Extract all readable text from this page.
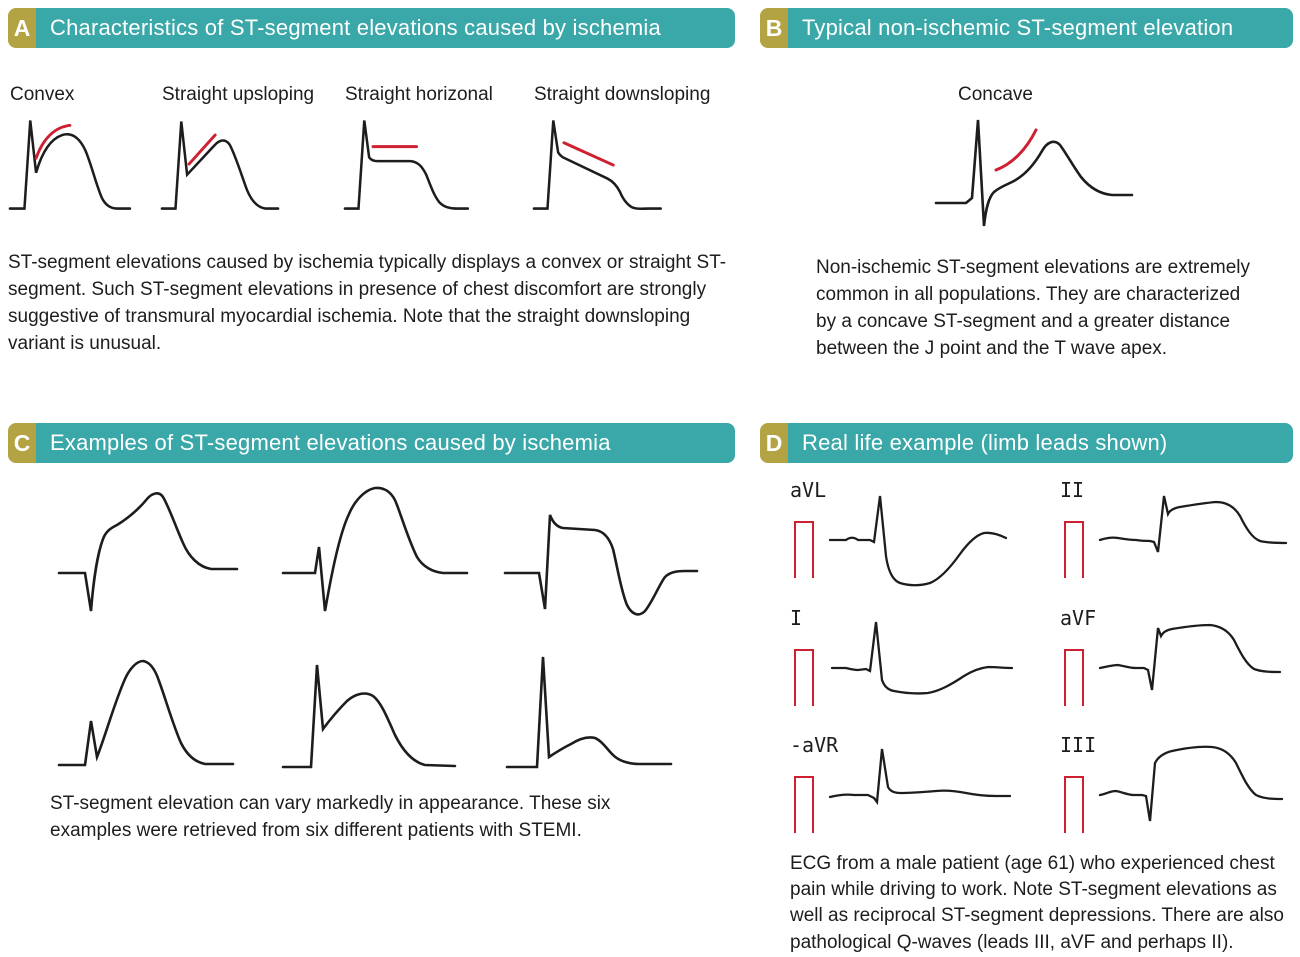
A Characteristics of ST-segment elevations caused by ischemia
Convex	Straight upsloping	Straight horizonal	Straight downsloping
ST-segment elevations caused by ischemia typically displays a convex or straight ST-segment. Such ST-segment elevations in presence of chest discomfort are strongly suggestive of transmural myocardial ischemia. Note that the straight downsloping variant is unusual.
B Typical non-ischemic ST-segment elevation
Concave
Non-ischemic ST-segment elevations are extremely common in all populations. They are characterized by a concave ST-segment and a greater distance between the J point and the T wave apex.
C Examples of ST-segment elevations caused by ischemia
ST-segment elevation can vary markedly in appearance. These six examples were retrieved from six different patients with STEMI.
D Real life example (limb leads shown)
aVL	II
I	aVF
-aVR	III
ECG from a male patient (age 61) who experienced chest pain while driving to work. Note ST-segment elevations as well as reciprocal ST-segment depressions. There are also pathological Q-waves (leads III, aVF and perhaps II).
